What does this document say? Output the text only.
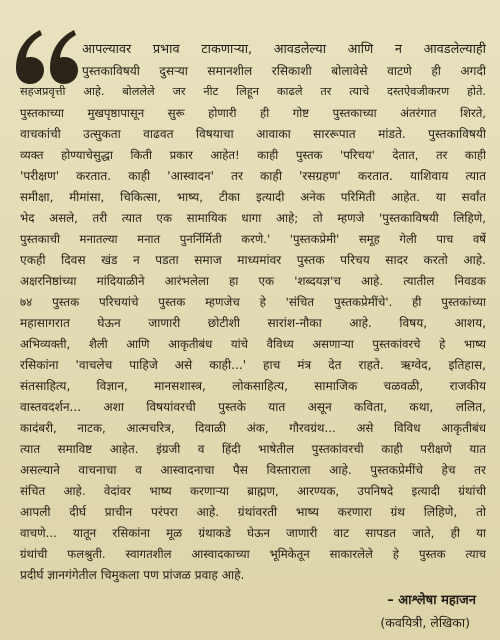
आपल्यावर प्रभाव टाकणाऱ्या, आवडलेल्या आणि न आवडलेल्याही
पुस्तकाविषयी दुसऱ्या समानशील रसिकाशी बोलावेसे वाटणे ही अगदी
सहजप्रवृत्ती आहे. बोललेले जर नीट लिहून काढले तर त्याचे दस्तऐवजीकरण होते.
पुस्तकाच्या मुखपृष्ठापासून सुरू होणारी ही गोष्ट पुस्तकाच्या अंतरंगात शिरते,
वाचकांची उत्सुकता वाढवत विषयाचा आवाका साररूपात मांडते. पुस्तकाविषयी
व्यक्त होण्याचेसुद्धा किती प्रकार आहेत! काही पुस्तक 'परिचय' देतात, तर काही
'परीक्षण' करतात. काही 'आस्वादन' तर काही 'रसग्रहण' करतात. याशिवाय त्यात
समीक्षा, मीमांसा, चिकित्सा, भाष्य, टीका इत्यादी अनेक परिमिती आहेत. या सर्वांत
भेद असले, तरी त्यात एक सामायिक धागा आहे; तो म्हणजे 'पुस्तकाविषयी लिहिणे,
पुस्तकाची मनातल्या मनात पुनर्निर्मिती करणे.' 'पुस्तकप्रेमी' समूह गेली पाच वर्षे
एकही दिवस खंड न पडता समाज माध्यमांवर पुस्तक परिचय सादर करतो आहे.
अक्षरनिष्ठांच्या मांदियाळीने आरंभलेला हा एक 'शब्दयज्ञ'च आहे. त्यातील निवडक
७४ पुस्तक परिचयांचे पुस्तक म्हणजेच हे 'संचित पुस्तकप्रेमींचे'. ही पुस्तकांच्या
महासागरात घेऊन जाणारी छोटीशी सारांश-नौका आहे. विषय, आशय,
अभिव्यक्ती, शैली आणि आकृतीबंध यांचे वैविध्य असणाऱ्या पुस्तकांवरचे हे भाष्य
रसिकांना 'वाचलेच पाहिजे असे काही...' हाच मंत्र देत राहते. ऋग्वेद, इतिहास,
संतसाहित्य, विज्ञान, मानसशास्त्र, लोकसाहित्य, सामाजिक चळवळी, राजकीय
वास्तवदर्शन... अशा विषयांवरची पुस्तके यात असून कविता, कथा, ललित,
कादंबरी, नाटक, आत्मचरित्र, दिवाळी अंक, गौरवग्रंथ... असे विविध आकृतीबंध
त्यात समाविष्ट आहेत. इंग्रजी व हिंदी भाषेतील पुस्तकांवरची काही परीक्षणे यात
असल्याने वाचनाचा व आस्वादनाचा पैस विस्ताराला आहे. पुस्तकप्रेमींचे हेच तर
संचित आहे. वेदांवर भाष्य करणाऱ्या ब्राह्मण, आरण्यक, उपनिषदे इत्यादी ग्रंथांची
आपली दीर्घ प्राचीन परंपरा आहे. ग्रंथांवरती भाष्य करणारा ग्रंथ लिहिणे, तो
वाचणे... यातून रसिकांना मूळ ग्रंथाकडे घेऊन जाणारी वाट सापडत जाते, ही या
ग्रंथांची फलश्रुती. स्वागतशील आस्वादकाच्या भूमिकेतून साकारलेले हे पुस्तक त्याच
प्रदीर्घ ज्ञानगंगेतील चिमुकला पण प्रांजळ प्रवाह आहे.
– आश्लेषा महाजन
(कवयित्री, लेखिका)
